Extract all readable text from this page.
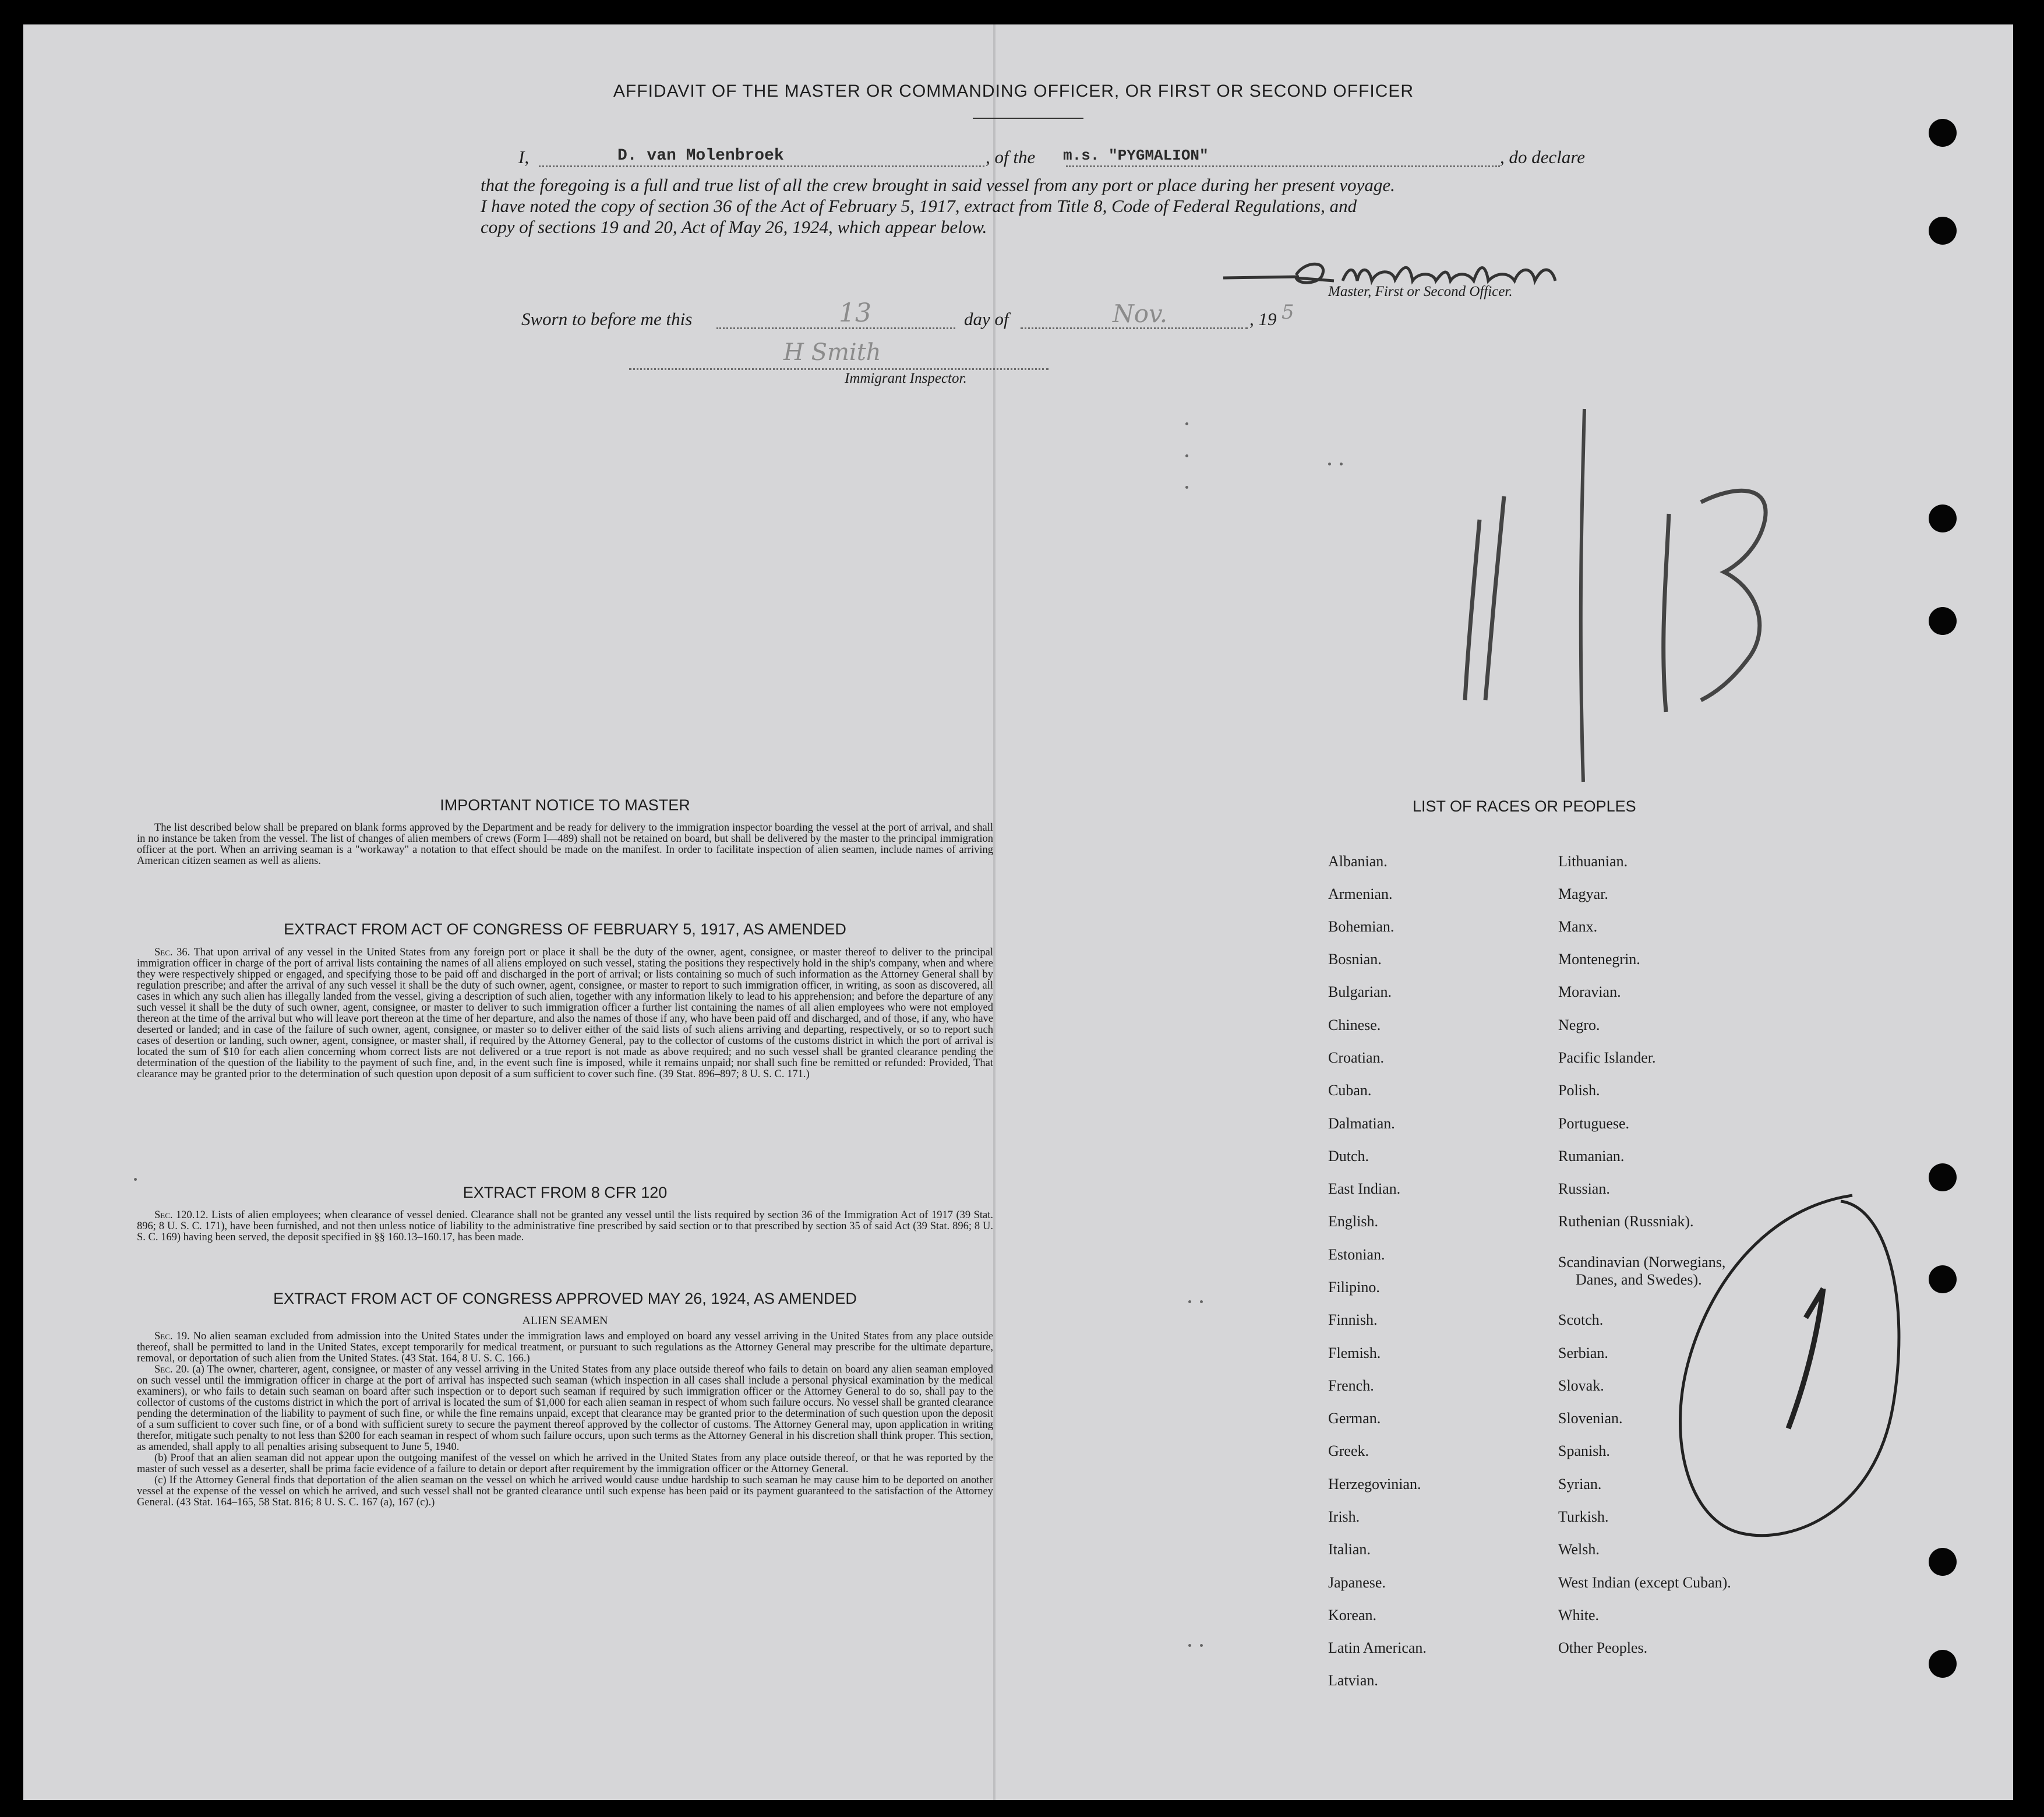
AFFIDAVIT OF THE MASTER OR COMMANDING OFFICER, OR FIRST OR SECOND OFFICER
I,	D. van Molenbroek	, of the m.s. "PYGMALION"	, do declare
that the foregoing is a full and true list of all the crew brought in said vessel from any port or place during her present voyage.
I have noted the copy of section 36 of the Act of February 5, 1917, extract from Title 8, Code of Federal Regulations, and
copy of sections 19 and 20, Act of May 26, 1924, which appear below.
Master, First or Second Officer.
Sworn to before me this	13	day of	Nov.	, 19 5
H Smith
Immigrant Inspector.
IMPORTANT NOTICE TO MASTER
The list described below shall be prepared on blank forms approved by the Department and be ready for delivery to the immigration inspector boarding the vessel at the port of arrival, and shall in no instance be taken from the vessel. The list of changes of alien members of crews (Form I—489) shall not be retained on board, but shall be delivered by the master to the principal immigration officer at the port. When an arriving seaman is a "workaway" a notation to that effect should be made on the manifest. In order to facilitate inspection of alien seamen, include names of arriving American citizen seamen as well as aliens.
EXTRACT FROM ACT OF CONGRESS OF FEBRUARY 5, 1917, AS AMENDED
Sec. 36. That upon arrival of any vessel in the United States from any foreign port or place it shall be the duty of the owner, agent, consignee, or master thereof to deliver to the principal immigration officer in charge of the port of arrival lists containing the names of all aliens employed on such vessel, stating the positions they respectively hold in the ship's company, when and where they were respectively shipped or engaged, and specifying those to be paid off and discharged in the port of arrival; or lists containing so much of such information as the Attorney General shall by regulation prescribe; and after the arrival of any such vessel it shall be the duty of such owner, agent, consignee, or master to report to such immigration officer, in writing, as soon as discovered, all cases in which any such alien has illegally landed from the vessel, giving a description of such alien, together with any information likely to lead to his apprehension; and before the departure of any such vessel it shall be the duty of such owner, agent, consignee, or master to deliver to such immigration officer a further list containing the names of all alien employees who were not employed thereon at the time of the arrival but who will leave port thereon at the time of her departure, and also the names of those if any, who have been paid off and discharged, and of those, if any, who have deserted or landed; and in case of the failure of such owner, agent, consignee, or master so to deliver either of the said lists of such aliens arriving and departing, respectively, or so to report such cases of desertion or landing, such owner, agent, consignee, or master shall, if required by the Attorney General, pay to the collector of customs of the customs district in which the port of arrival is located the sum of $10 for each alien concerning whom correct lists are not delivered or a true report is not made as above required; and no such vessel shall be granted clearance pending the determination of the question of the liability to the payment of such fine, and, in the event such fine is imposed, while it remains unpaid; nor shall such fine be remitted or refunded: Provided, That clearance may be granted prior to the determination of such question upon deposit of a sum sufficient to cover such fine. (39 Stat. 896–897; 8 U. S. C. 171.)
EXTRACT FROM 8 CFR 120
Sec. 120.12. Lists of alien employees; when clearance of vessel denied. Clearance shall not be granted any vessel until the lists required by section 36 of the Immigration Act of 1917 (39 Stat. 896; 8 U. S. C. 171), have been furnished, and not then unless notice of liability to the administrative fine prescribed by said section or to that prescribed by section 35 of said Act (39 Stat. 896; 8 U. S. C. 169) having been served, the deposit specified in §§ 160.13–160.17, has been made.
EXTRACT FROM ACT OF CONGRESS APPROVED MAY 26, 1924, AS AMENDED
ALIEN SEAMEN
Sec. 19. No alien seaman excluded from admission into the United States under the immigration laws and employed on board any vessel arriving in the United States from any place outside thereof, shall be permitted to land in the United States, except temporarily for medical treatment, or pursuant to such regulations as the Attorney General may prescribe for the ultimate departure, removal, or deportation of such alien from the United States. (43 Stat. 164, 8 U. S. C. 166.)
Sec. 20. (a) The owner, charterer, agent, consignee, or master of any vessel arriving in the United States from any place outside thereof who fails to detain on board any alien seaman employed on such vessel until the immigration officer in charge at the port of arrival has inspected such seaman (which inspection in all cases shall include a personal physical examination by the medical examiners), or who fails to detain such seaman on board after such inspection or to deport such seaman if required by such immigration officer or the Attorney General to do so, shall pay to the collector of customs of the customs district in which the port of arrival is located the sum of $1,000 for each alien seaman in respect of whom such failure occurs. No vessel shall be granted clearance pending the determination of the liability to payment of such fine, or while the fine remains unpaid, except that clearance may be granted prior to the determination of such question upon the deposit of a sum sufficient to cover such fine, or of a bond with sufficient surety to secure the payment thereof approved by the collector of customs. The Attorney General may, upon application in writing therefor, mitigate such penalty to not less than $200 for each seaman in respect of whom such failure occurs, upon such terms as the Attorney General in his discretion shall think proper. This section, as amended, shall apply to all penalties arising subsequent to June 5, 1940.
(b) Proof that an alien seaman did not appear upon the outgoing manifest of the vessel on which he arrived in the United States from any place outside thereof, or that he was reported by the master of such vessel as a deserter, shall be prima facie evidence of a failure to detain or deport after requirement by the immigration officer or the Attorney General.
(c) If the Attorney General finds that deportation of the alien seaman on the vessel on which he arrived would cause undue hardship to such seaman he may cause him to be deported on another vessel at the expense of the vessel on which he arrived, and such vessel shall not be granted clearance until such expense has been paid or its payment guaranteed to the satisfaction of the Attorney General. (43 Stat. 164–165, 58 Stat. 816; 8 U. S. C. 167 (a), 167 (c).)
LIST OF RACES OR PEOPLES
Albanian.
Armenian.
Bohemian.
Bosnian.
Bulgarian.
Chinese.
Croatian.
Cuban.
Dalmatian.
Dutch.
East Indian.
English.
Estonian.
Filipino.
Finnish.
Flemish.
French.
German.
Greek.
Herzegovinian.
Irish.
Italian.
Japanese.
Korean.
Latin American.
Latvian.
Lithuanian.
Magyar.
Manx.
Montenegrin.
Moravian.
Negro.
Pacific Islander.
Polish.
Portuguese.
Rumanian.
Russian.
Ruthenian (Russniak).
Scandinavian (Norwegians,
Danes, and Swedes).
Scotch.
Serbian.
Slovak.
Slovenian.
Spanish.
Syrian.
Turkish.
Welsh.
West Indian (except Cuban).
White.
Other Peoples.
